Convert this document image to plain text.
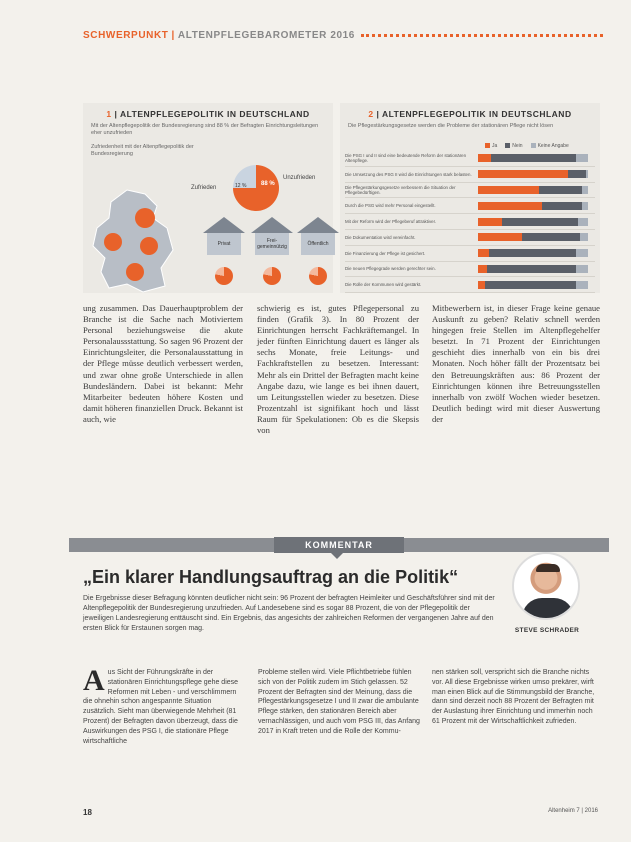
SCHWERPUNKT | ALTENPFLEGEBAROMETER 2016
1 | ALTENPFLEGEPOLITIK IN DEUTSCHLAND
Mit der Altenpflegepolitik der Bundesregierung sind 88 % der Befragten Einrichtungsleitungen eher unzufrieden
Zufriedenheit mit der Altenpflegepolitik der Bundesregierung
Zufrieden
Unzufrieden
88 %
12 %
Privat	Frei-gemeinnützig	Öffentlich
2 | ALTENPFLEGEPOLITIK IN DEUTSCHLAND
Die Pflegestärkungsgesetze werden die Probleme der stationären Pflege nicht lösen
Ja	Nein	Keine Angabe
Die PSG I und II sind eine bedeutende Reform der stationären Altenpflege.
Die Umsetzung des PSG II wird die Einrichtungen stark belasten.
Die Pflegestärkungsgesetze verbessern die Situation der Pflegebedürftigen.
Durch die PSG wird mehr Personal eingestellt.
Mit der Reform wird der Pflegeberuf attraktiver.
Die Dokumentation wird vereinfacht.
Die Finanzierung der Pflege ist gesichert.
Die neuen Pflegegrade werden gerechter sein.
Die Rolle der Kommunen wird gestärkt.
ung zusammen. Das Dauerhauptproblem der Branche ist die Sache nach Motiviertem Personal beziehungsweise die akute Personalaussstattung. So sagen 96 Prozent der Einrichtungsleiter, die Personalausstattung in der Pflege müsse deutlich verbessert werden, und zwar ohne große Unterschiede in allen Bundesländern. Dabei ist bekannt: Mehr Mitarbeiter bedeuten höhere Kosten und damit höheren finanziellen Druck. Bekannt ist auch, wie
schwierig es ist, gutes Pflegepersonal zu finden (Grafik 3). In 80 Prozent der Einrichtungen herrscht Fachkräftemangel. In jeder fünften Einrichtung dauert es länger als sechs Monate, freie Leitungs- und Fachkraftstellen zu besetzen. Interessant: Mehr als ein Drittel der Befragten macht keine Angabe dazu, wie lange es bei ihnen dauert, um Leitungsstellen wieder zu besetzen. Diese Prozentzahl ist signifikant hoch und lässt Raum für Spekulationen: Ob es die Skepsis von
Mitbewerbern ist, in dieser Frage keine genaue Auskunft zu geben? Relativ schnell werden hingegen freie Stellen im Altenpflegehelfer besetzt. In 71 Prozent der Einrichtungen geschieht dies innerhalb von ein bis drei Monaten. Noch höher fällt der Prozentsatz bei den Betreuungskräften aus: 86 Prozent der Einrichtungen können ihre Betreuungsstellen innerhalb von zwölf Wochen wieder besetzen. Deutlich bedingt wird mit dieser Auswertung der
KOMMENTAR
„Ein klarer Handlungsauftrag an die Politik“
Die Ergebnisse dieser Befragung könnten deutlicher nicht sein: 96 Prozent der befragten Heimleiter und Geschäftsführer sind mit der Altenpflegepolitik der Bundesregierung unzufrieden. Auf Landesebene sind es sogar 88 Prozent, die von der Pflegepolitik der jeweiligen Landesregierung enttäuscht sind. Ein Ergebnis, das angesichts der zahlreichen Reformen der vergangenen Jahre auf den ersten Blick für Erstaunen sorgen mag.	STEVE SCHRADER
Aus Sicht der Führungskräfte in der stationären Einrichtungspflege gehe diese Reformen mit Leben - und verschlimmern die ohnehin schon angespannte Situation zusätzlich. Sieht man überwiegende Mehrheit (81 Prozent) der Befragten davon überzeugt, dass die Auswirkungen des PSG I, die stationäre Pflege wirtschaftliche
Probleme stellen wird. Viele Pflichtbetriebe fühlen sich von der Politik zudem im Stich gelassen. 52 Prozent der Befragten sind der Meinung, dass die Pflegestärkungsgesetze I und II zwar die ambulante Pflege stärken, den stationären Bereich aber vernachlässigen, und auch vom PSG III, das Anfang 2017 in Kraft treten und die Rolle der Kommu-
nen stärken soll, verspricht sich die Branche nichts vor. All diese Ergebnisse wirken umso prekärer, wirft man einen Blick auf die Stimmungsbild der Branche, dann sind derzeit noch 88 Prozent der Befragten mit der Auslastung ihrer Einrichtung und immerhin noch 61 Prozent mit der Wirtschaftlichkeit zufrieden.
18	Altenheim 7 | 2016
